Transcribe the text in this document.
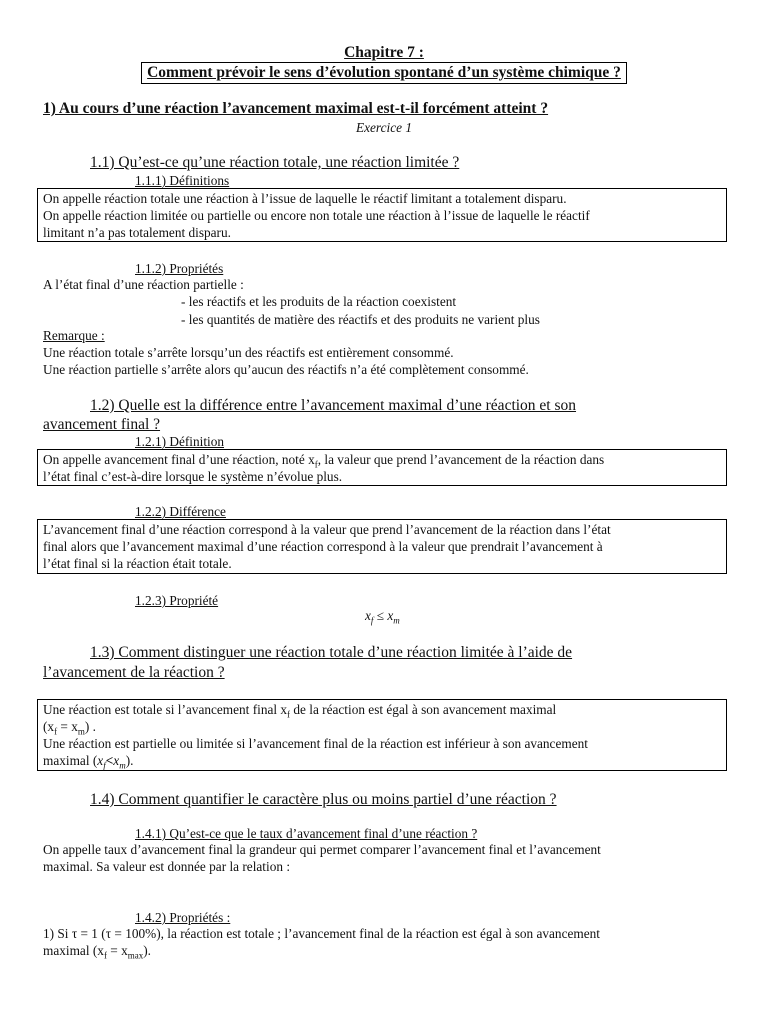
Chapitre 7 :
Comment prévoir le sens d’évolution spontané d’un système chimique ?
1) Au cours d’une réaction l’avancement maximal est-t-il forcément atteint ?
Exercice 1
1.1) Qu’est-ce qu’une réaction totale, une réaction limitée ?
1.1.1) Définitions
On appelle réaction totale une réaction à l’issue de laquelle le réactif limitant a totalement disparu.
On appelle réaction limitée ou partielle ou encore non totale une réaction à l’issue de laquelle le réactif
limitant n’a pas totalement disparu.
1.1.2) Propriétés
A l’état final d’une réaction partielle :
- les réactifs et les produits de la réaction coexistent
- les quantités de matière des réactifs et des produits ne varient plus
Remarque :
Une réaction totale s’arrête lorsqu’un des réactifs est entièrement consommé.
Une réaction partielle s’arrête alors qu’aucun des réactifs n’a été complètement consommé.
1.2) Quelle est la différence entre l’avancement maximal d’une réaction et son
avancement final ?
1.2.1) Définition
On appelle avancement final d’une réaction, noté $x_f$, la valeur que prend l’avancement de la réaction dans
l’état final c’est-à-dire lorsque le système n’évolue plus.
1.2.2) Différence
L’avancement final d’une réaction correspond à la valeur que prend l’avancement de la réaction dans l’état
final alors que l’avancement maximal d’une réaction correspond à la valeur que prendrait l’avancement à
l’état final si la réaction était totale.
1.2.3) Propriété
$x_f \le x_m$
1.3) Comment distinguer une réaction totale d’une réaction limitée à l’aide de
l’avancement de la réaction ?
Une réaction est totale si l’avancement final $x_f$ de la réaction est égal à son avancement maximal
$(x_f = x_m)$ .
Une réaction est partielle ou limitée si l’avancement final de la réaction est inférieur à son avancement
maximal $(x_f<x_m)$.
1.4) Comment quantifier le caractère plus ou moins partiel d’une réaction ?
1.4.1) Qu’est-ce que le taux d’avancement final d’une réaction ?
On appelle taux d’avancement final la grandeur qui permet comparer l’avancement final et l’avancement
maximal. Sa valeur est donnée par la relation :
1.4.2) Propriétés :
1) Si τ = 1 (τ = 100%), la réaction est totale ; l’avancement final de la réaction est égal à son avancement
maximal $(x_f = x_{max})$.
